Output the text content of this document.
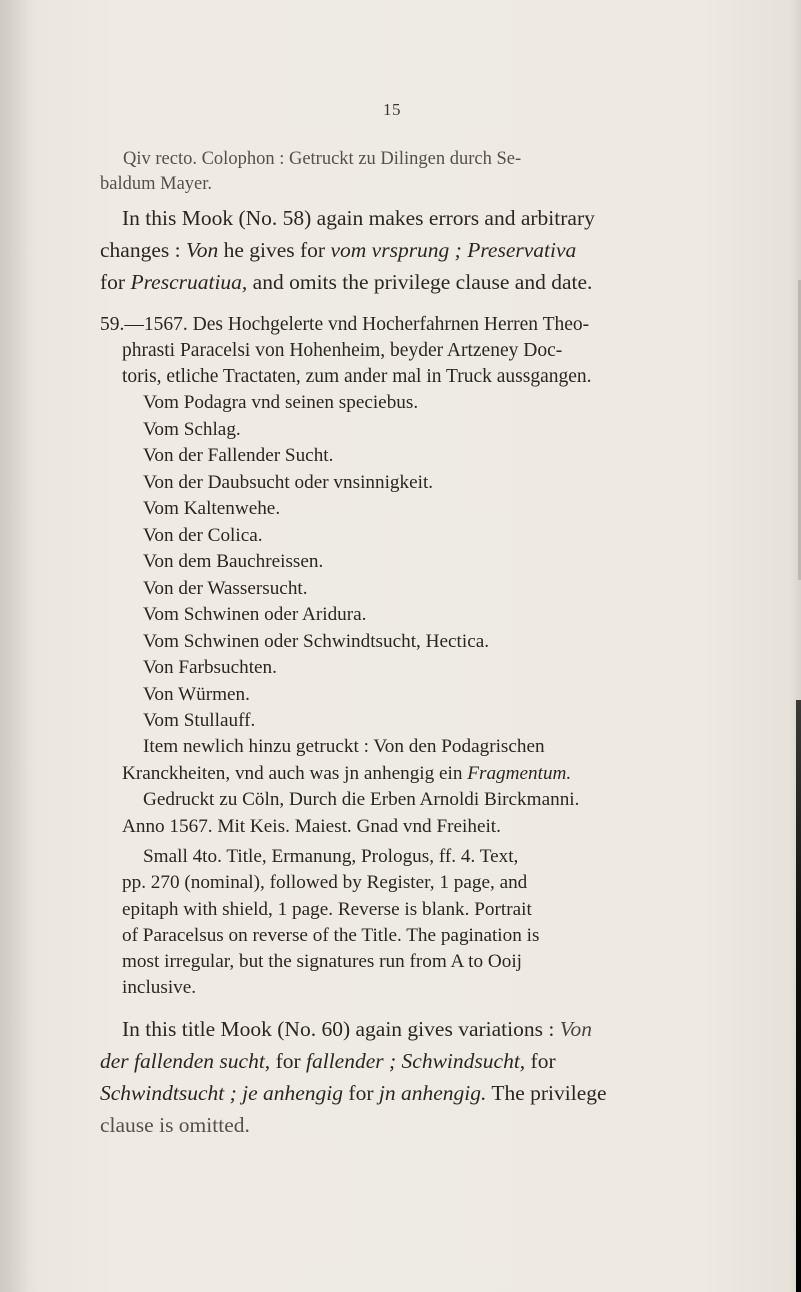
15
Qiv recto. Colophon : Getruckt zu Dilingen durch Se-
baldum Mayer.
In this Mook (No. 58) again makes errors and arbitrary
changes : Von he gives for vom vrsprung ; Preservativa
for Prescruatiua, and omits the privilege clause and date.
59.—1567. Des Hochgelerte vnd Hocherfahrnen Herren Theo-
phrasti Paracelsi von Hohenheim, beyder Artzeney Doc-
toris, etliche Tractaten, zum ander mal in Truck aussgangen.
Vom Podagra vnd seinen speciebus.
Vom Schlag.
Von der Fallender Sucht.
Von der Daubsucht oder vnsinnigkeit.
Vom Kaltenwehe.
Von der Colica.
Von dem Bauchreissen.
Von der Wassersucht.
Vom Schwinen oder Aridura.
Vom Schwinen oder Schwindtsucht, Hectica.
Von Farbsuchten.
Von Würmen.
Vom Stullauff.
Item newlich hinzu getruckt : Von den Podagrischen
Kranckheiten, vnd auch was jn anhengig ein Fragmentum.
Gedruckt zu Cöln, Durch die Erben Arnoldi Birckmanni.
Anno 1567. Mit Keis. Maiest. Gnad vnd Freiheit.
Small 4to. Title, Ermanung, Prologus, ff. 4. Text,
pp. 270 (nominal), followed by Register, 1 page, and
epitaph with shield, 1 page. Reverse is blank. Portrait
of Paracelsus on reverse of the Title. The pagination is
most irregular, but the signatures run from A to Ooij
inclusive.
In this title Mook (No. 60) again gives variations : Von
der fallenden sucht, for fallender ; Schwindsucht, for
Schwindtsucht ; je anhengig for jn anhengig. The privilege
clause is omitted.
